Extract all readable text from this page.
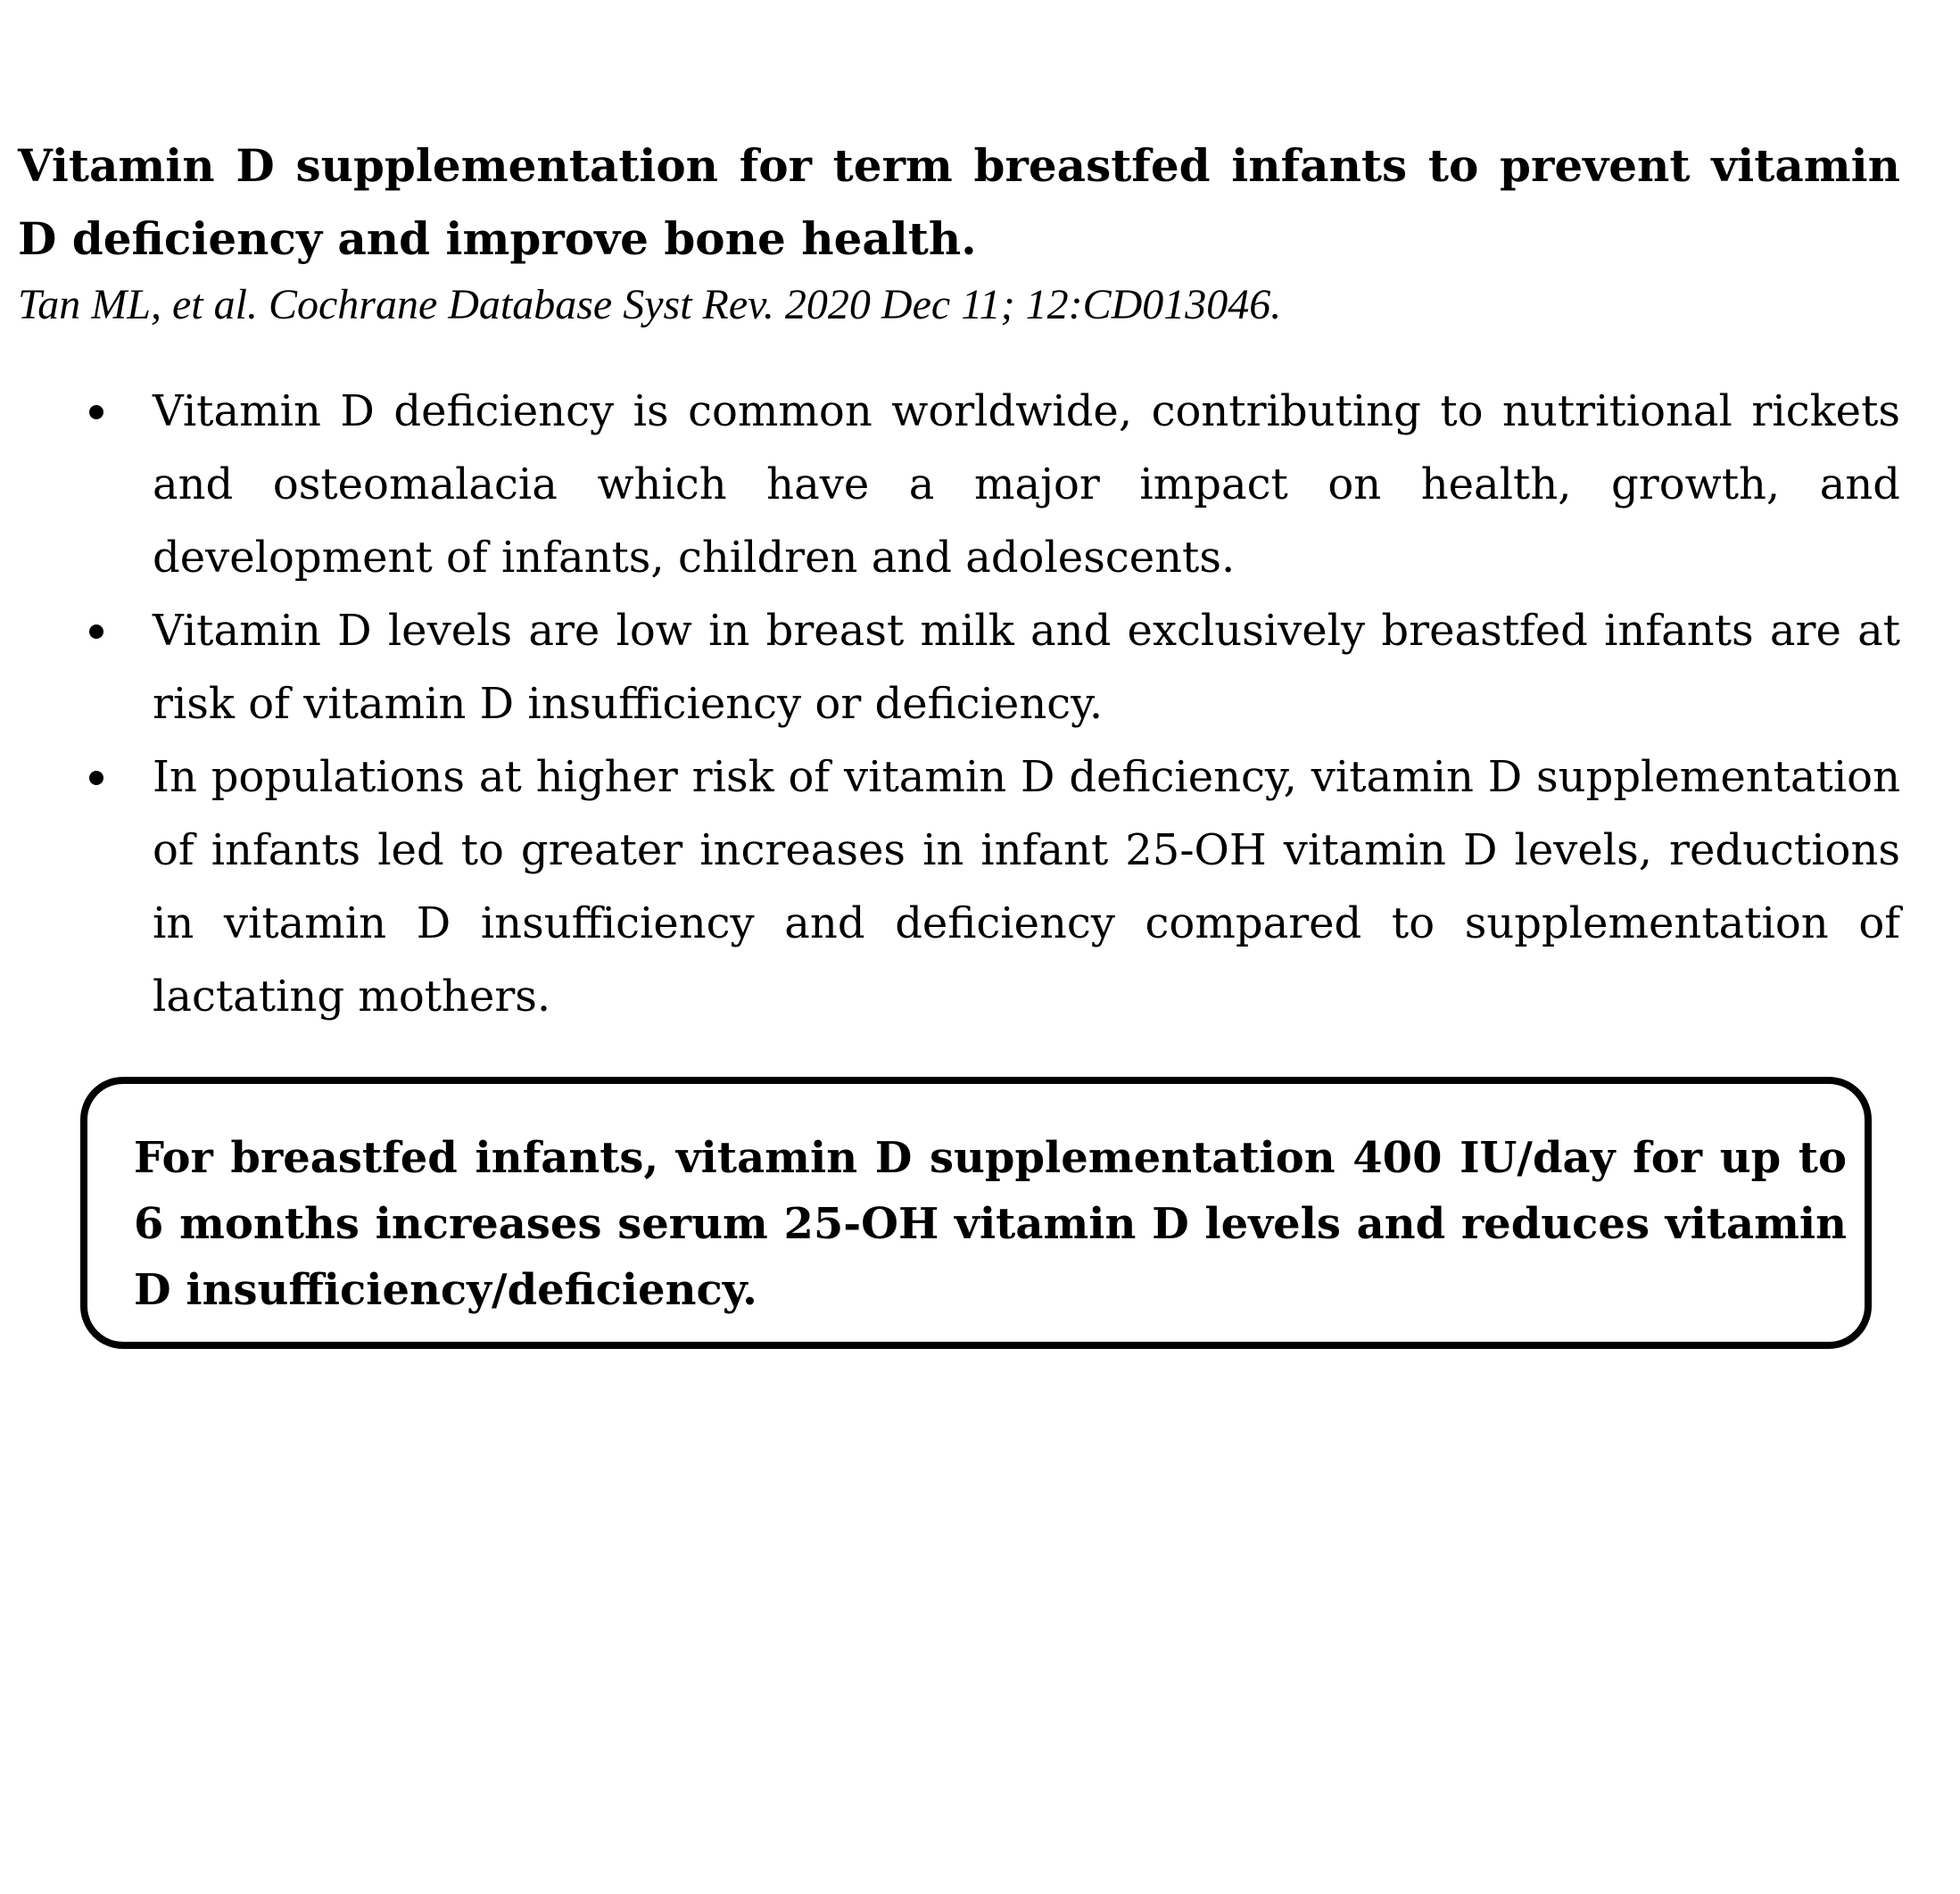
Vitamin D supplementation for term breastfed infants to prevent vitamin D deficiency and improve bone health.

Tan ML, et al. Cochrane Database Syst Rev. 2020 Dec 11; 12:CD013046.

Vitamin D deficiency is common worldwide, contributing to nutritional rickets and osteomalacia which have a major impact on health, growth, and development of infants, children and adolescents.
Vitamin D levels are low in breast milk and exclusively breastfed infants are at risk of vitamin D insufficiency or deficiency.
In populations at higher risk of vitamin D deficiency, vitamin D supplementation of infants led to greater increases in infant 25-OH vitamin D levels, reductions in vitamin D insufficiency and deficiency compared to supplementation of lactating mothers.

For breastfed infants, vitamin D supplementation 400 IU/day for up to 6 months increases serum 25-OH vitamin D levels and reduces vitamin D insufficiency/deficiency.
